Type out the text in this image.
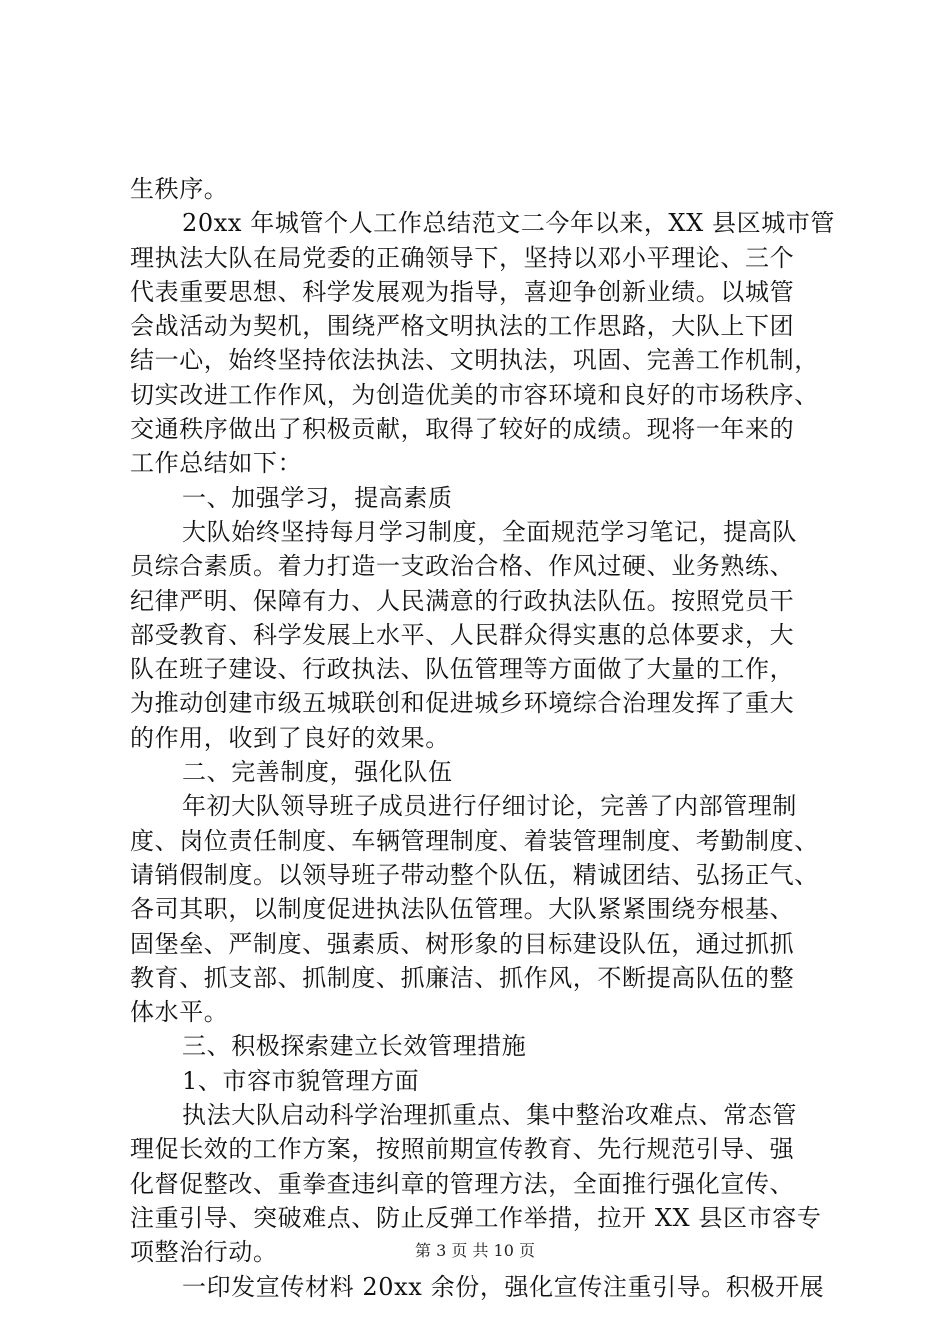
生秩序。
20xx 年城管个人工作总结范文二今年以来，XX 县区城市管
理执法大队在局党委的正确领导下，坚持以邓小平理论、三个
代表重要思想、科学发展观为指导，喜迎争创新业绩。以城管
会战活动为契机，围绕严格文明执法的工作思路，大队上下团
结一心，始终坚持依法执法、文明执法，巩固、完善工作机制，
切实改进工作作风，为创造优美的市容环境和良好的市场秩序、
交通秩序做出了积极贡献，取得了较好的成绩。现将一年来的
工作总结如下：
一、加强学习，提高素质
大队始终坚持每月学习制度，全面规范学习笔记，提高队
员综合素质。着力打造一支政治合格、作风过硬、业务熟练、
纪律严明、保障有力、人民满意的行政执法队伍。按照党员干
部受教育、科学发展上水平、人民群众得实惠的总体要求，大
队在班子建设、行政执法、队伍管理等方面做了大量的工作，
为推动创建市级五城联创和促进城乡环境综合治理发挥了重大
的作用，收到了良好的效果。
二、完善制度，强化队伍
年初大队领导班子成员进行仔细讨论，完善了内部管理制
度、岗位责任制度、车辆管理制度、着装管理制度、考勤制度、
请销假制度。以领导班子带动整个队伍，精诚团结、弘扬正气、
各司其职，以制度促进执法队伍管理。大队紧紧围绕夯根基、
固堡垒、严制度、强素质、树形象的目标建设队伍，通过抓抓
教育、抓支部、抓制度、抓廉洁、抓作风，不断提高队伍的整
体水平。
三、积极探索建立长效管理措施
1、市容市貌管理方面
执法大队启动科学治理抓重点、集中整治攻难点、常态管
理促长效的工作方案，按照前期宣传教育、先行规范引导、强
化督促整改、重拳查违纠章的管理方法，全面推行强化宣传、
注重引导、突破难点、防止反弹工作举措，拉开 XX 县区市容专
项整治行动。
一印发宣传材料 20xx 余份，强化宣传注重引导。积极开展
第 3 页 共 10 页
